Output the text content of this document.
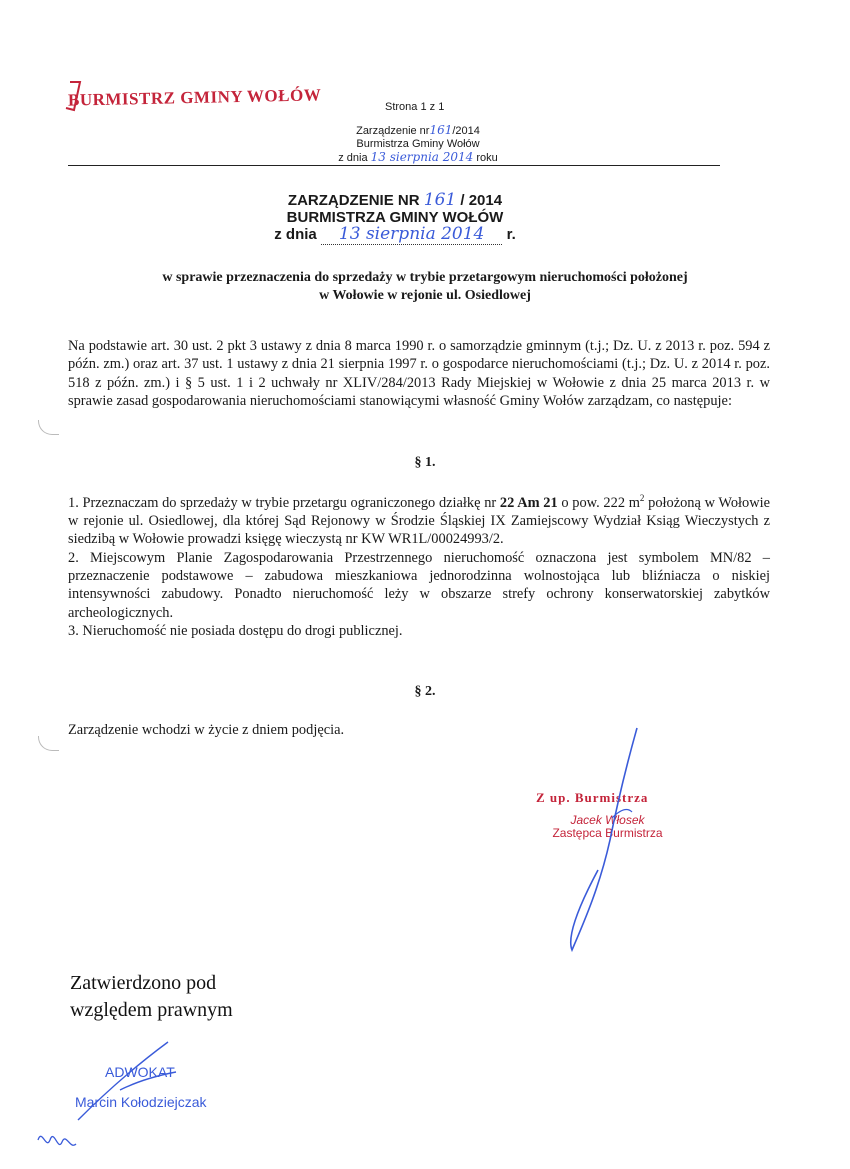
BURMISTRZ GMINY WOŁÓW	Strona 1 z 1
Zarządzenie nr161/2014
Burmistrza Gminy Wołów
z dnia 13 sierpnia 2014 roku
ZARZĄDZENIE NR 161 / 2014
BURMISTRZA GMINY WOŁÓW
z dnia 13 sierpnia 2014 r.
w sprawie przeznaczenia do sprzedaży w trybie przetargowym nieruchomości położonej
w Wołowie w rejonie ul. Osiedlowej
Na podstawie art. 30 ust. 2 pkt 3 ustawy z dnia 8 marca 1990 r. o samorządzie gminnym (t.j.; Dz. U. z 2013 r. poz. 594 z późn. zm.) oraz art. 37 ust. 1 ustawy z dnia 21 sierpnia 1997 r. o gospodarce nieruchomościami (t.j.; Dz. U. z 2014 r. poz. 518 z późn. zm.) i § 5 ust. 1 i 2 uchwały nr XLIV/284/2013 Rady Miejskiej w Wołowie z dnia 25 marca 2013 r. w sprawie zasad gospodarowania nieruchomościami stanowiącymi własność Gminy Wołów zarządzam, co następuje:
§ 1.

1. Przeznaczam do sprzedaży w trybie przetargu ograniczonego działkę nr 22 Am 21 o pow. 222 $m^2$ położoną w Wołowie w rejonie ul. Osiedlowej, dla której Sąd Rejonowy w Środzie Śląskiej IX Zamiejscowy Wydział Ksiąg Wieczystych z siedzibą w Wołowie prowadzi księgę wieczystą nr KW WR1L/00024993/2.

2. Miejscowym Planie Zagospodarowania Przestrzennego nieruchomość oznaczona jest symbolem MN/82 – przeznaczenie podstawowe – zabudowa mieszkaniowa jednorodzinna wolnostojąca lub bliźniacza o niskiej intensywności zabudowy. Ponadto nieruchomość leży w obszarze strefy ochrony konserwatorskiej zabytków archeologicznych.

3. Nieruchomość nie posiada dostępu do drogi publicznej.

§ 2.
Zarządzenie wchodzi w życie z dniem podjęcia.
Z up. Burmistrza
Jacek Włosek
Zastępca Burmistrza
Zatwierdzono pod
względem prawnym
ADWOKAT
Marcin Kołodziejczak
